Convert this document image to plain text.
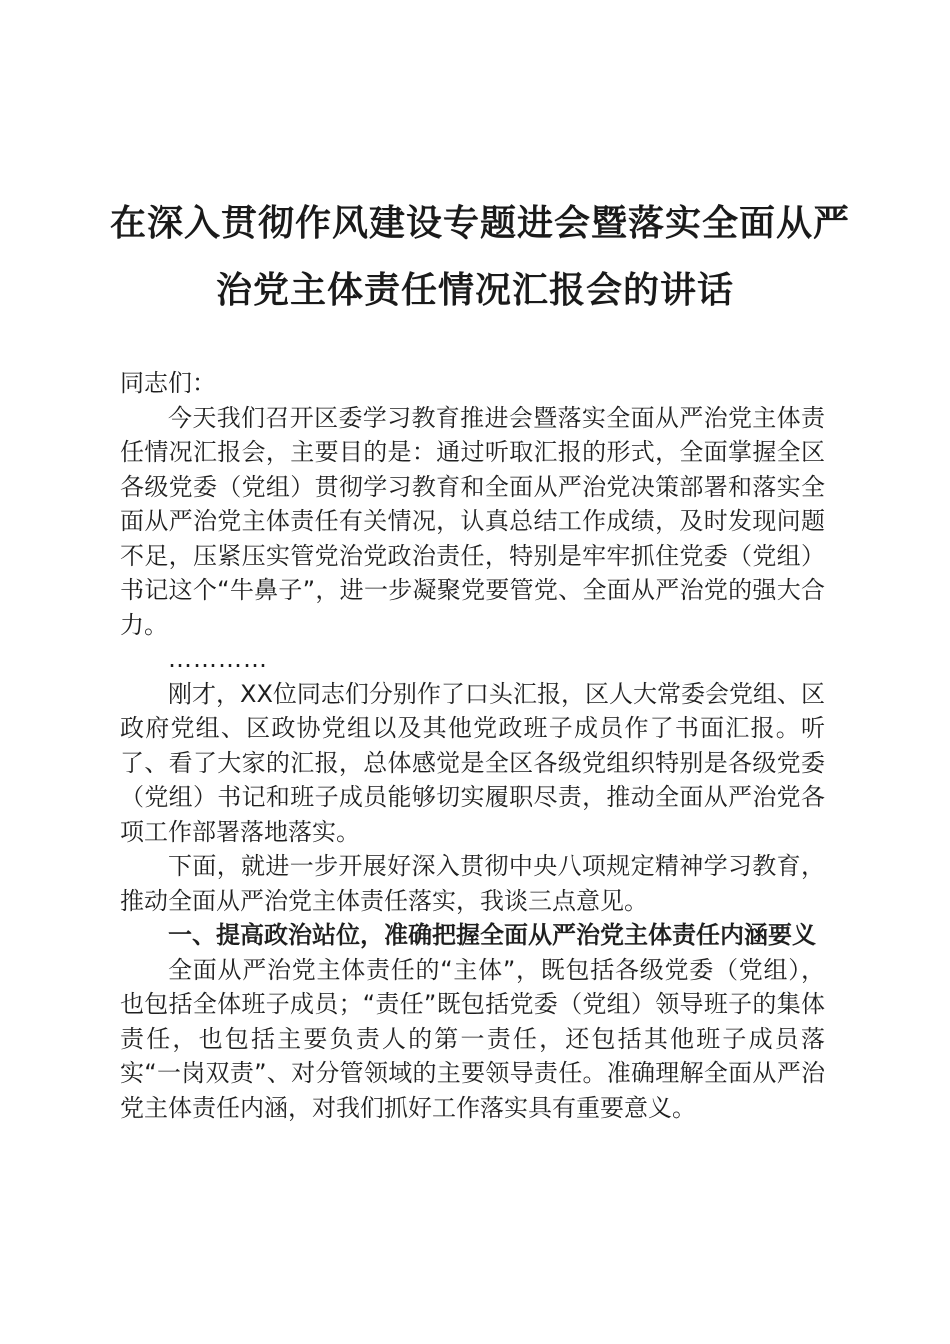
在深入贯彻作风建设专题进会暨落实全面从严
治党主体责任情况汇报会的讲话

同志们：

今天我们召开区委学习教育推进会暨落实全面从严治党主体责任情况汇报会，主要目的是：通过听取汇报的形式，全面掌握全区各级党委（党组）贯彻学习教育和全面从严治党决策部署和落实全面从严治党主体责任有关情况，认真总结工作成绩，及时发现问题不足，压紧压实管党治党政治责任，特别是牢牢抓住党委（党组）书记这个“牛鼻子”，进一步凝聚党要管党、全面从严治党的强大合力。

…………

刚才，XX位同志们分别作了口头汇报，区人大常委会党组、区政府党组、区政协党组以及其他党政班子成员作了书面汇报。听了、看了大家的汇报，总体感觉是全区各级党组织特别是各级党委（党组）书记和班子成员能够切实履职尽责，推动全面从严治党各项工作部署落地落实。

下面，就进一步开展好深入贯彻中央八项规定精神学习教育，推动全面从严治党主体责任落实，我谈三点意见。

一、提高政治站位，准确把握全面从严治党主体责任内涵要义

全面从严治党主体责任的“主体”，既包括各级党委（党组），也包括全体班子成员；“责任”既包括党委（党组）领导班子的集体责任，也包括主要负责人的第一责任，还包括其他班子成员落实“一岗双责”、对分管领域的主要领导责任。准确理解全面从严治党主体责任内涵，对我们抓好工作落实具有重要意义。
